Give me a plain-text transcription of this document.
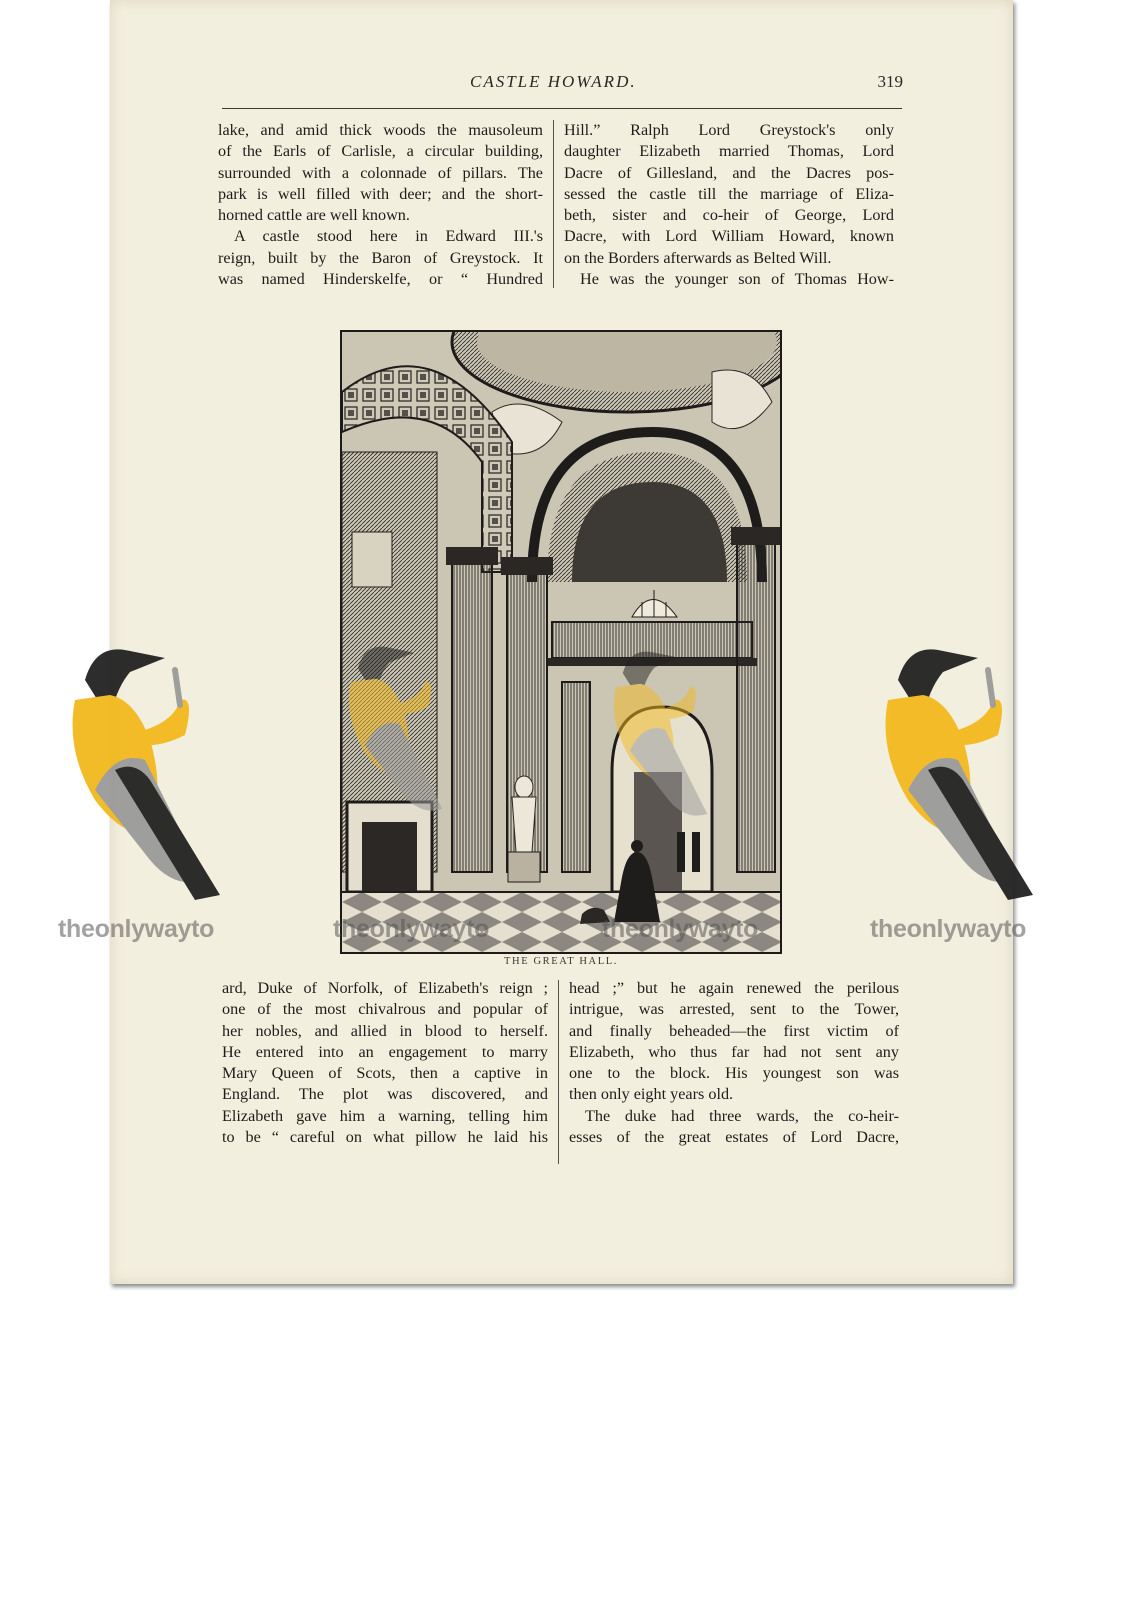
CASTLE HOWARD.	319
lake, and amid thick woods the mausoleum
of the Earls of Carlisle, a circular building,
surrounded with a colonnade of pillars. The
park is well filled with deer; and the short-
horned cattle are well known.
A castle stood here in Edward III.'s
reign, built by the Baron of Greystock. It
was named Hinderskelfe, or “ Hundred
Hill.” Ralph Lord Greystock's only
daughter Elizabeth married Thomas, Lord
Dacre of Gillesland, and the Dacres pos-
sessed the castle till the marriage of Eliza-
beth, sister and co-heir of George, Lord
Dacre, with Lord William Howard, known
on the Borders afterwards as Belted Will.
He was the younger son of Thomas How-
THE GREAT HALL.
ard, Duke of Norfolk, of Elizabeth's reign ;
one of the most chivalrous and popular of
her nobles, and allied in blood to herself.
He entered into an engagement to marry
Mary Queen of Scots, then a captive in
England. The plot was discovered, and
Elizabeth gave him a warning, telling him
to be “ careful on what pillow he laid his
head ;” but he again renewed the perilous
intrigue, was arrested, sent to the Tower,
and finally beheaded—the first victim of
Elizabeth, who thus far had not sent any
one to the block. His youngest son was
then only eight years old.
The duke had three wards, the co-heir-
esses of the great estates of Lord Dacre,
theonlywayto	theonlywayto	theonlywayto	theonlywayto
